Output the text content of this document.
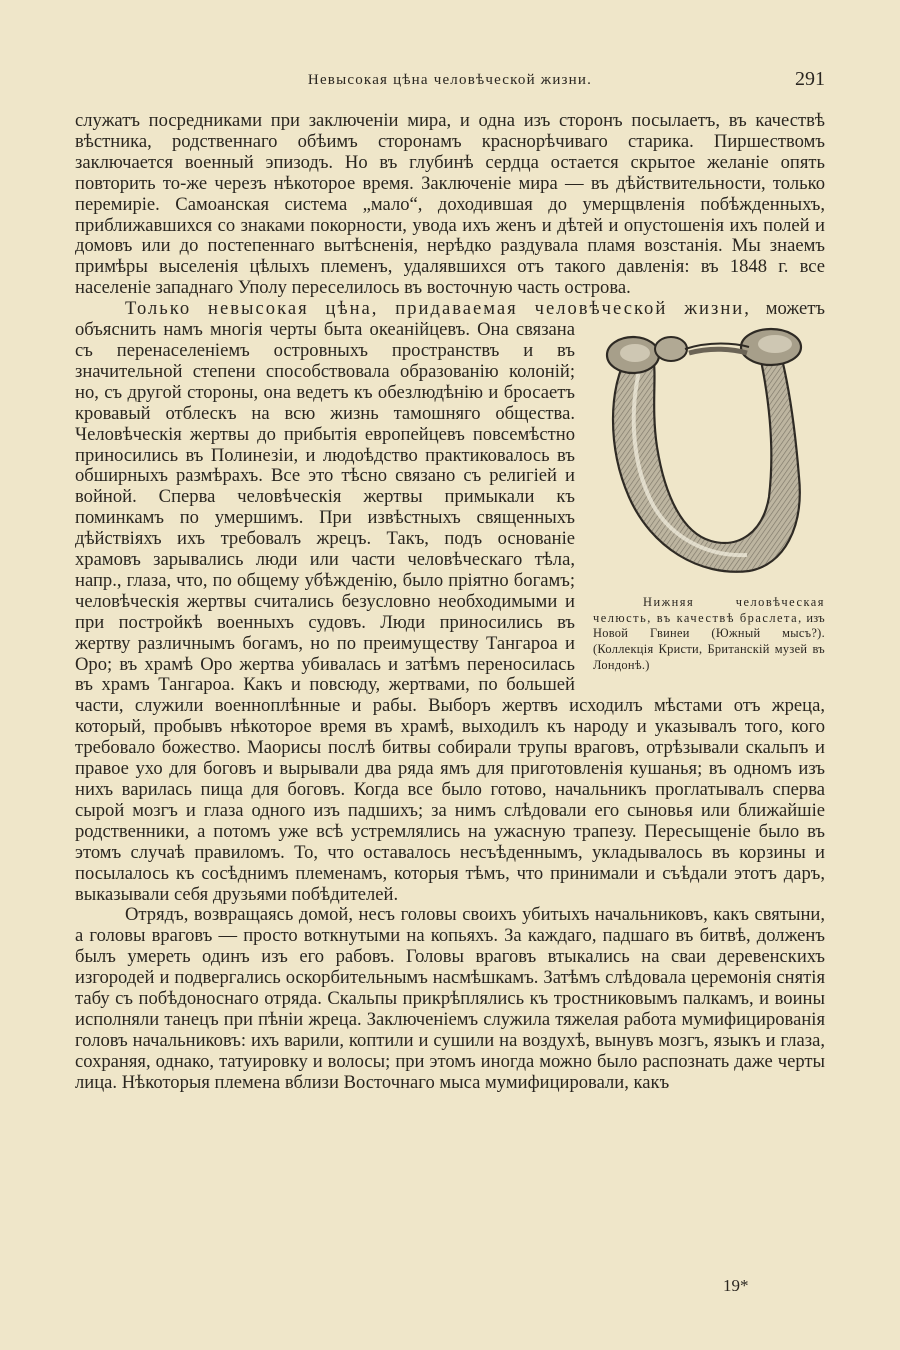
Невысокая цѣна человѣческой жизни.	291

служатъ посредниками при заключеніи мира, и одна изъ сторонъ посылаетъ, въ качествѣ вѣстника, родственнаго обѣимъ сторонамъ краснорѣчиваго старика. Пиршествомъ заключается военный эпизодъ. Но въ глубинѣ сердца остается скрытое желаніе опять повторить то-же черезъ нѣкоторое время. Заключеніе мира — въ дѣйствительности, только перемиріе. Самоанская система „мало“, доходившая до умерщвленія побѣжденныхъ, приближавшихся со знаками покорности, увода ихъ женъ и дѣтей и опустошенія ихъ полей и домовъ или до постепеннаго вытѣсненія, нерѣдко раздувала пламя возстанія. Мы знаемъ примѣры выселенія цѣлыхъ племенъ, удалявшихся отъ такого давленія: въ 1848 г. все населеніе западнаго Уполу переселилось въ восточную часть острова.

Только невысокая цѣна, придаваемая человѣческой жизни, можетъ
Нижняя человѣческая челюсть, въ качествѣ браслета, изъ Новой Гвинеи (Южный мысъ?). (Коллекція Кристи, Британскій музей въ Лондонѣ.)
объяснить намъ многія черты быта океанійцевъ. Она связана съ перенаселеніемъ островныхъ пространствъ и въ значительной степени способствовала образованію колоній; но, съ другой стороны, она ведетъ къ обезлюдѣнію и бросаетъ кровавый отблескъ на всю жизнь тамошняго общества. Человѣческія жертвы до прибытія европейцевъ повсемѣстно приносились въ Полинезіи, и людоѣдство практиковалось въ обширныхъ размѣрахъ. Все это тѣсно связано съ религіей и войной. Сперва человѣческія жертвы примыкали къ поминкамъ по умершимъ. При извѣстныхъ священныхъ дѣйствіяхъ ихъ требовалъ жрецъ. Такъ, подъ основаніе храмовъ зарывались люди или части человѣческаго тѣла, напр., глаза, что, по общему убѣжденію, было пріятно богамъ; человѣческія жертвы считались безусловно необходимыми и при постройкѣ военныхъ судовъ. Люди приносились въ жертву различнымъ богамъ, но по преимуществу Тангароа и Оро; въ храмѣ Оро жертва убивалась и затѣмъ переносилась въ храмъ Тангароа. Какъ и повсюду, жертвами, по большей части, служили военноплѣнные и рабы. Выборъ жертвъ исходилъ мѣстами отъ жреца, который, пробывъ нѣкоторое время въ храмѣ, выходилъ къ народу и указывалъ того, кого требовало божество. Маорисы послѣ битвы собирали трупы враговъ, отрѣзывали скальпъ и правое ухо для боговъ и вырывали два ряда ямъ для приготовленія кушанья; въ одномъ изъ нихъ варилась пища для боговъ. Когда все было готово, начальникъ проглатывалъ сперва сырой мозгъ и глаза одного изъ падшихъ; за нимъ слѣдовали его сыновья или ближайшіе родственники, а потомъ уже всѣ устремлялись на ужасную трапезу. Пересыщеніе было въ этомъ случаѣ правиломъ. То, что оставалось несъѣденнымъ, укладывалось въ корзины и посылалось къ сосѣднимъ племенамъ, которыя тѣмъ, что принимали и съѣдали этотъ даръ, выказывали себя друзьями побѣдителей.

Отрядъ, возвращаясь домой, несъ головы своихъ убитыхъ начальниковъ, какъ святыни, а головы враговъ — просто воткнутыми на копьяхъ. За каждаго, падшаго въ битвѣ, долженъ былъ умереть одинъ изъ его рабовъ. Головы враговъ втыкались на сваи деревенскихъ изгородей и подвергались оскорбительнымъ насмѣшкамъ. Затѣмъ слѣдовала церемонія снятія табу съ побѣдоноснаго отряда. Скальпы прикрѣплялись къ тростниковымъ палкамъ, и воины исполняли танецъ при пѣніи жреца. Заключеніемъ служила тяжелая работа мумифицированія головъ начальниковъ: ихъ варили, коптили и сушили на воздухѣ, вынувъ мозгъ, языкъ и глаза, сохраняя, однако, татуировку и волосы; при этомъ иногда можно было распознать даже черты лица. Нѣкоторыя племена вблизи Восточнаго мыса мумифицировали, какъ

19*
